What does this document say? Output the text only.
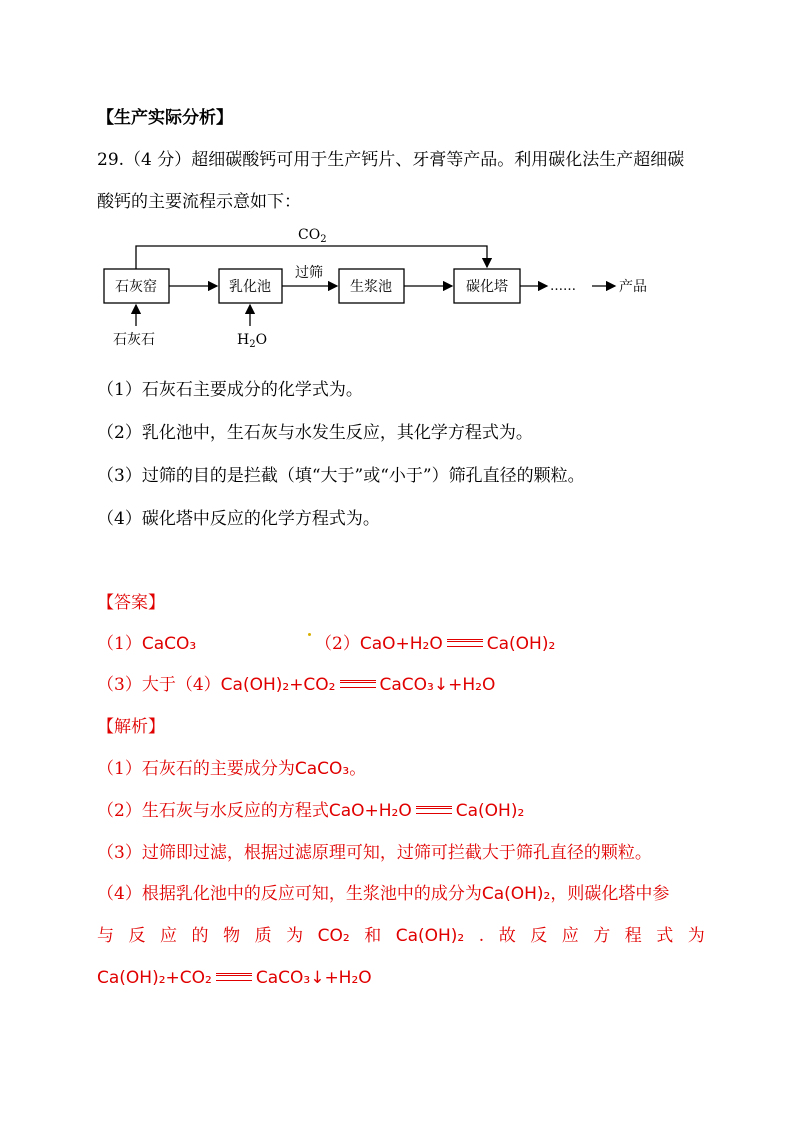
【生产实际分析】
29.（4 分）超细碳酸钙可用于生产钙片、牙膏等产品。利用碳化法生产超细碳
酸钙的主要流程示意如下：
$CO_2$
石灰窑	乳化池	生浆池	碳化塔
过筛
……	产品
石灰石	$H_2O$
（1）石灰石主要成分的化学式为。
（2）乳化池中，生石灰与水发生反应，其化学方程式为。
（3）过筛的目的是拦截（填“大于”或“小于”）筛孔直径的颗粒。
（4）碳化塔中反应的化学方程式为。
【答案】
（1）CaCO₃	（2）CaO+H₂O	Ca(OH)₂
（3）大于（4）Ca(OH)₂+CO₂	CaCO₃↓+H₂O
【解析】
（1）石灰石的主要成分为CaCO₃。
（2）生石灰与水反应的方程式CaO+H₂O	Ca(OH)₂
（3）过筛即过滤，根据过滤原理可知，过筛可拦截大于筛孔直径的颗粒。
（4）根据乳化池中的反应可知，生浆池中的成分为Ca(OH)₂，则碳化塔中参
与 反 应 的 物 质 为 CO₂ 和 Ca(OH)₂ . 故 反 应 方 程 式 为
Ca(OH)₂+CO₂	CaCO₃↓+H₂O
